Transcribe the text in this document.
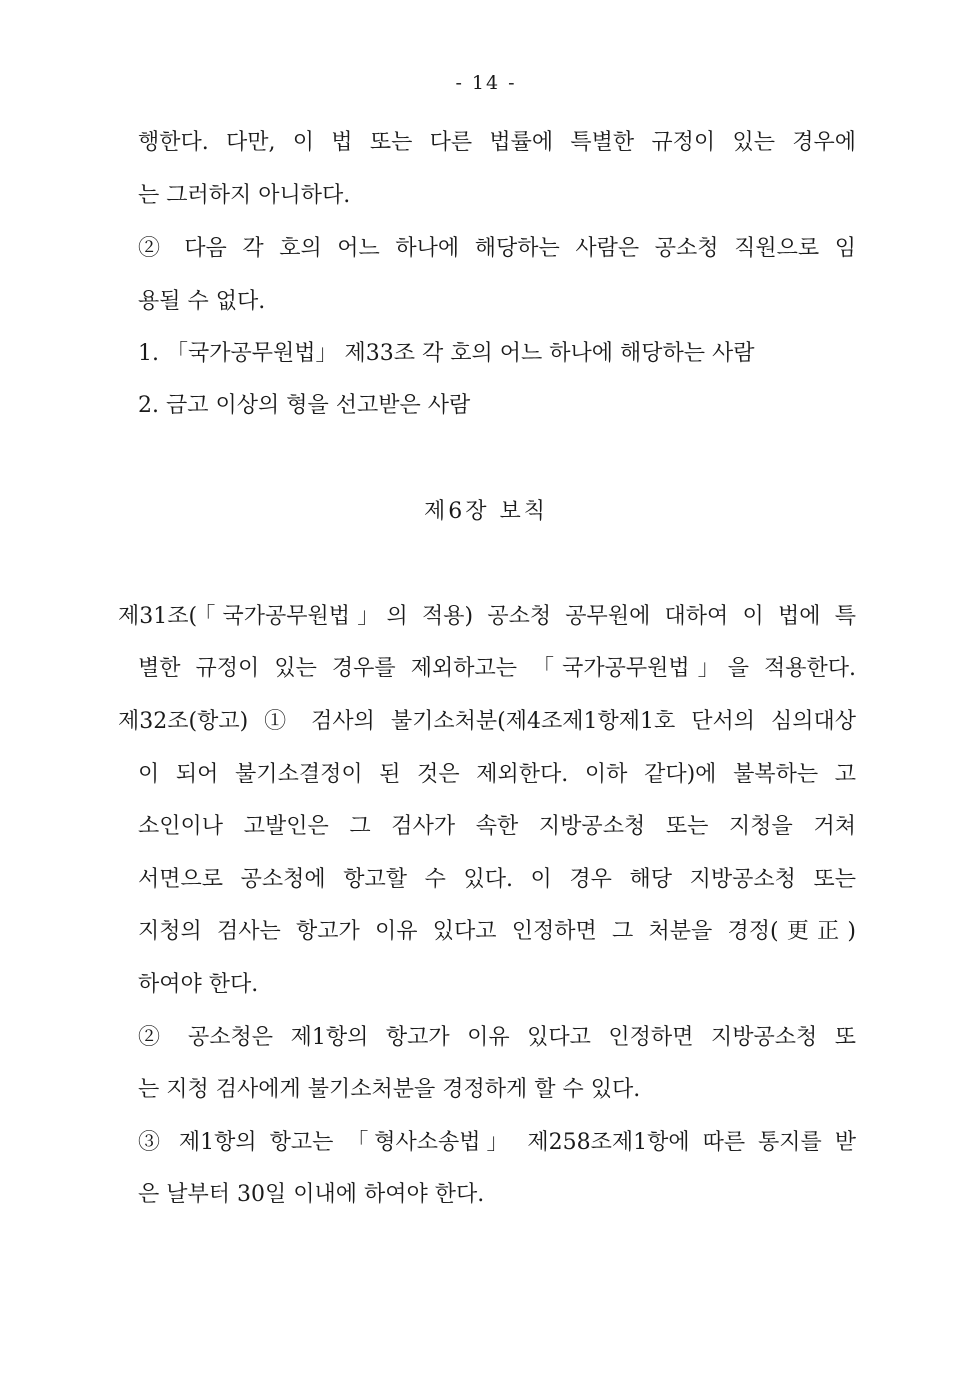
- 14 -
행한다. 다만, 이 법 또는 다른 법률에 특별한 규정이 있는 경우에
는 그러하지 아니하다.
② 다음 각 호의 어느 하나에 해당하는 사람은 공소청 직원으로 임
용될 수 없다.
1. 「국가공무원법」 제33조 각 호의 어느 하나에 해당하는 사람
2. 금고 이상의 형을 선고받은 사람
제6장 보칙
제31조(「국가공무원법」의 적용) 공소청 공무원에 대하여 이 법에 특
별한 규정이 있는 경우를 제외하고는 「국가공무원법」을 적용한다.
제32조(항고) ① 검사의 불기소처분(제4조제1항제1호 단서의 심의대상
이 되어 불기소결정이 된 것은 제외한다. 이하 같다)에 불복하는 고
소인이나 고발인은 그 검사가 속한 지방공소청 또는 지청을 거쳐
서면으로 공소청에 항고할 수 있다. 이 경우 해당 지방공소청 또는
지청의 검사는 항고가 이유 있다고 인정하면 그 처분을 경정(更正)
하여야 한다.
② 공소청은 제1항의 항고가 이유 있다고 인정하면 지방공소청 또
는 지청 검사에게 불기소처분을 경정하게 할 수 있다.
③ 제1항의 항고는 「형사소송법」 제258조제1항에 따른 통지를 받
은 날부터 30일 이내에 하여야 한다.
